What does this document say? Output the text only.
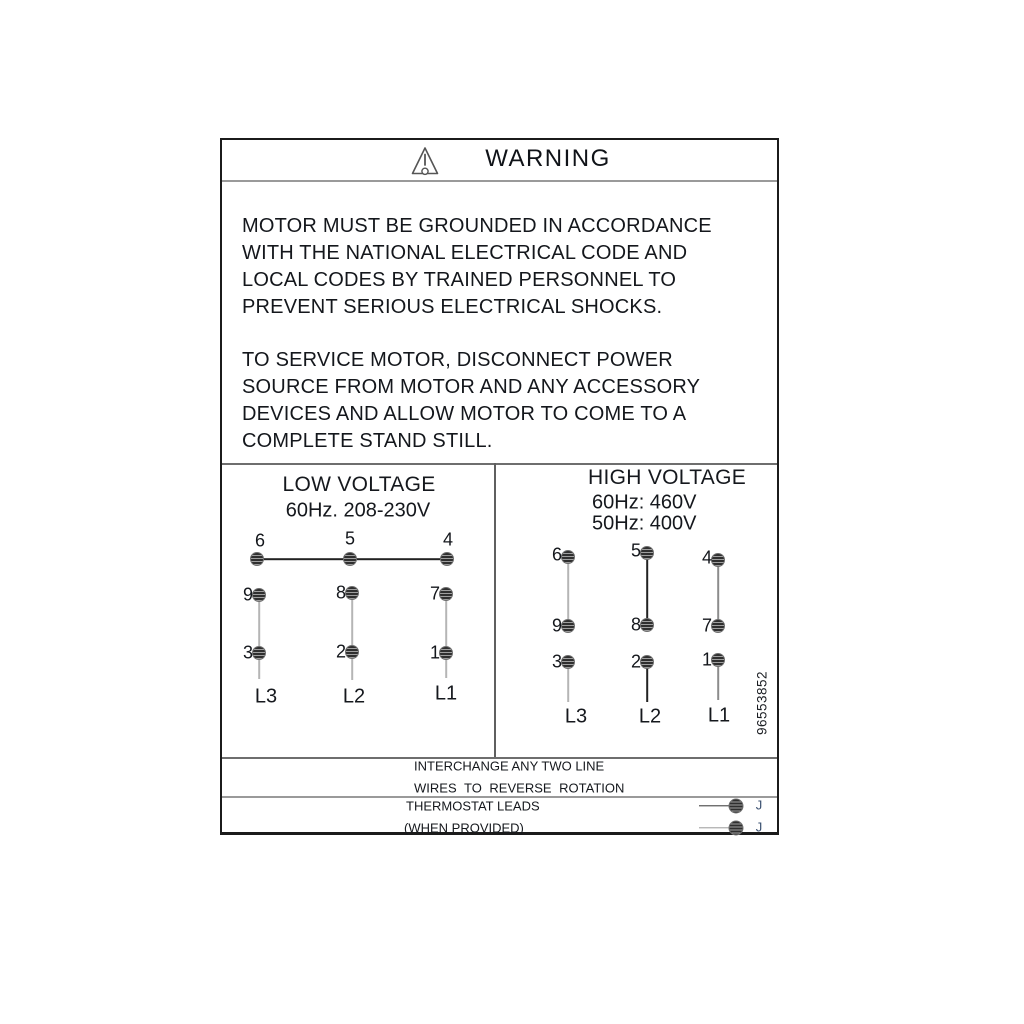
WARNING
MOTOR MUST BE GROUNDED IN ACCORDANCE
WITH THE NATIONAL ELECTRICAL CODE AND
LOCAL CODES BY TRAINED PERSONNEL TO
PREVENT SERIOUS ELECTRICAL SHOCKS.
TO SERVICE MOTOR, DISCONNECT POWER
SOURCE FROM MOTOR AND ANY ACCESSORY
DEVICES AND ALLOW MOTOR TO COME TO A
COMPLETE STAND STILL.
LOW VOLTAGE
60Hz. 208-230V
6	5	4
9	8	7
3	2	1
L3	L2	L1
HIGH VOLTAGE
60Hz: 460V
50Hz: 400V
6	5	4
9	8	7
3	2	1
L3	L2 L1 96553852
INTERCHANGE ANY TWO LINE
WIRES TO REVERSE ROTATION
THERMOSTAT LEADS
(WHEN PROVIDED)
J
J
